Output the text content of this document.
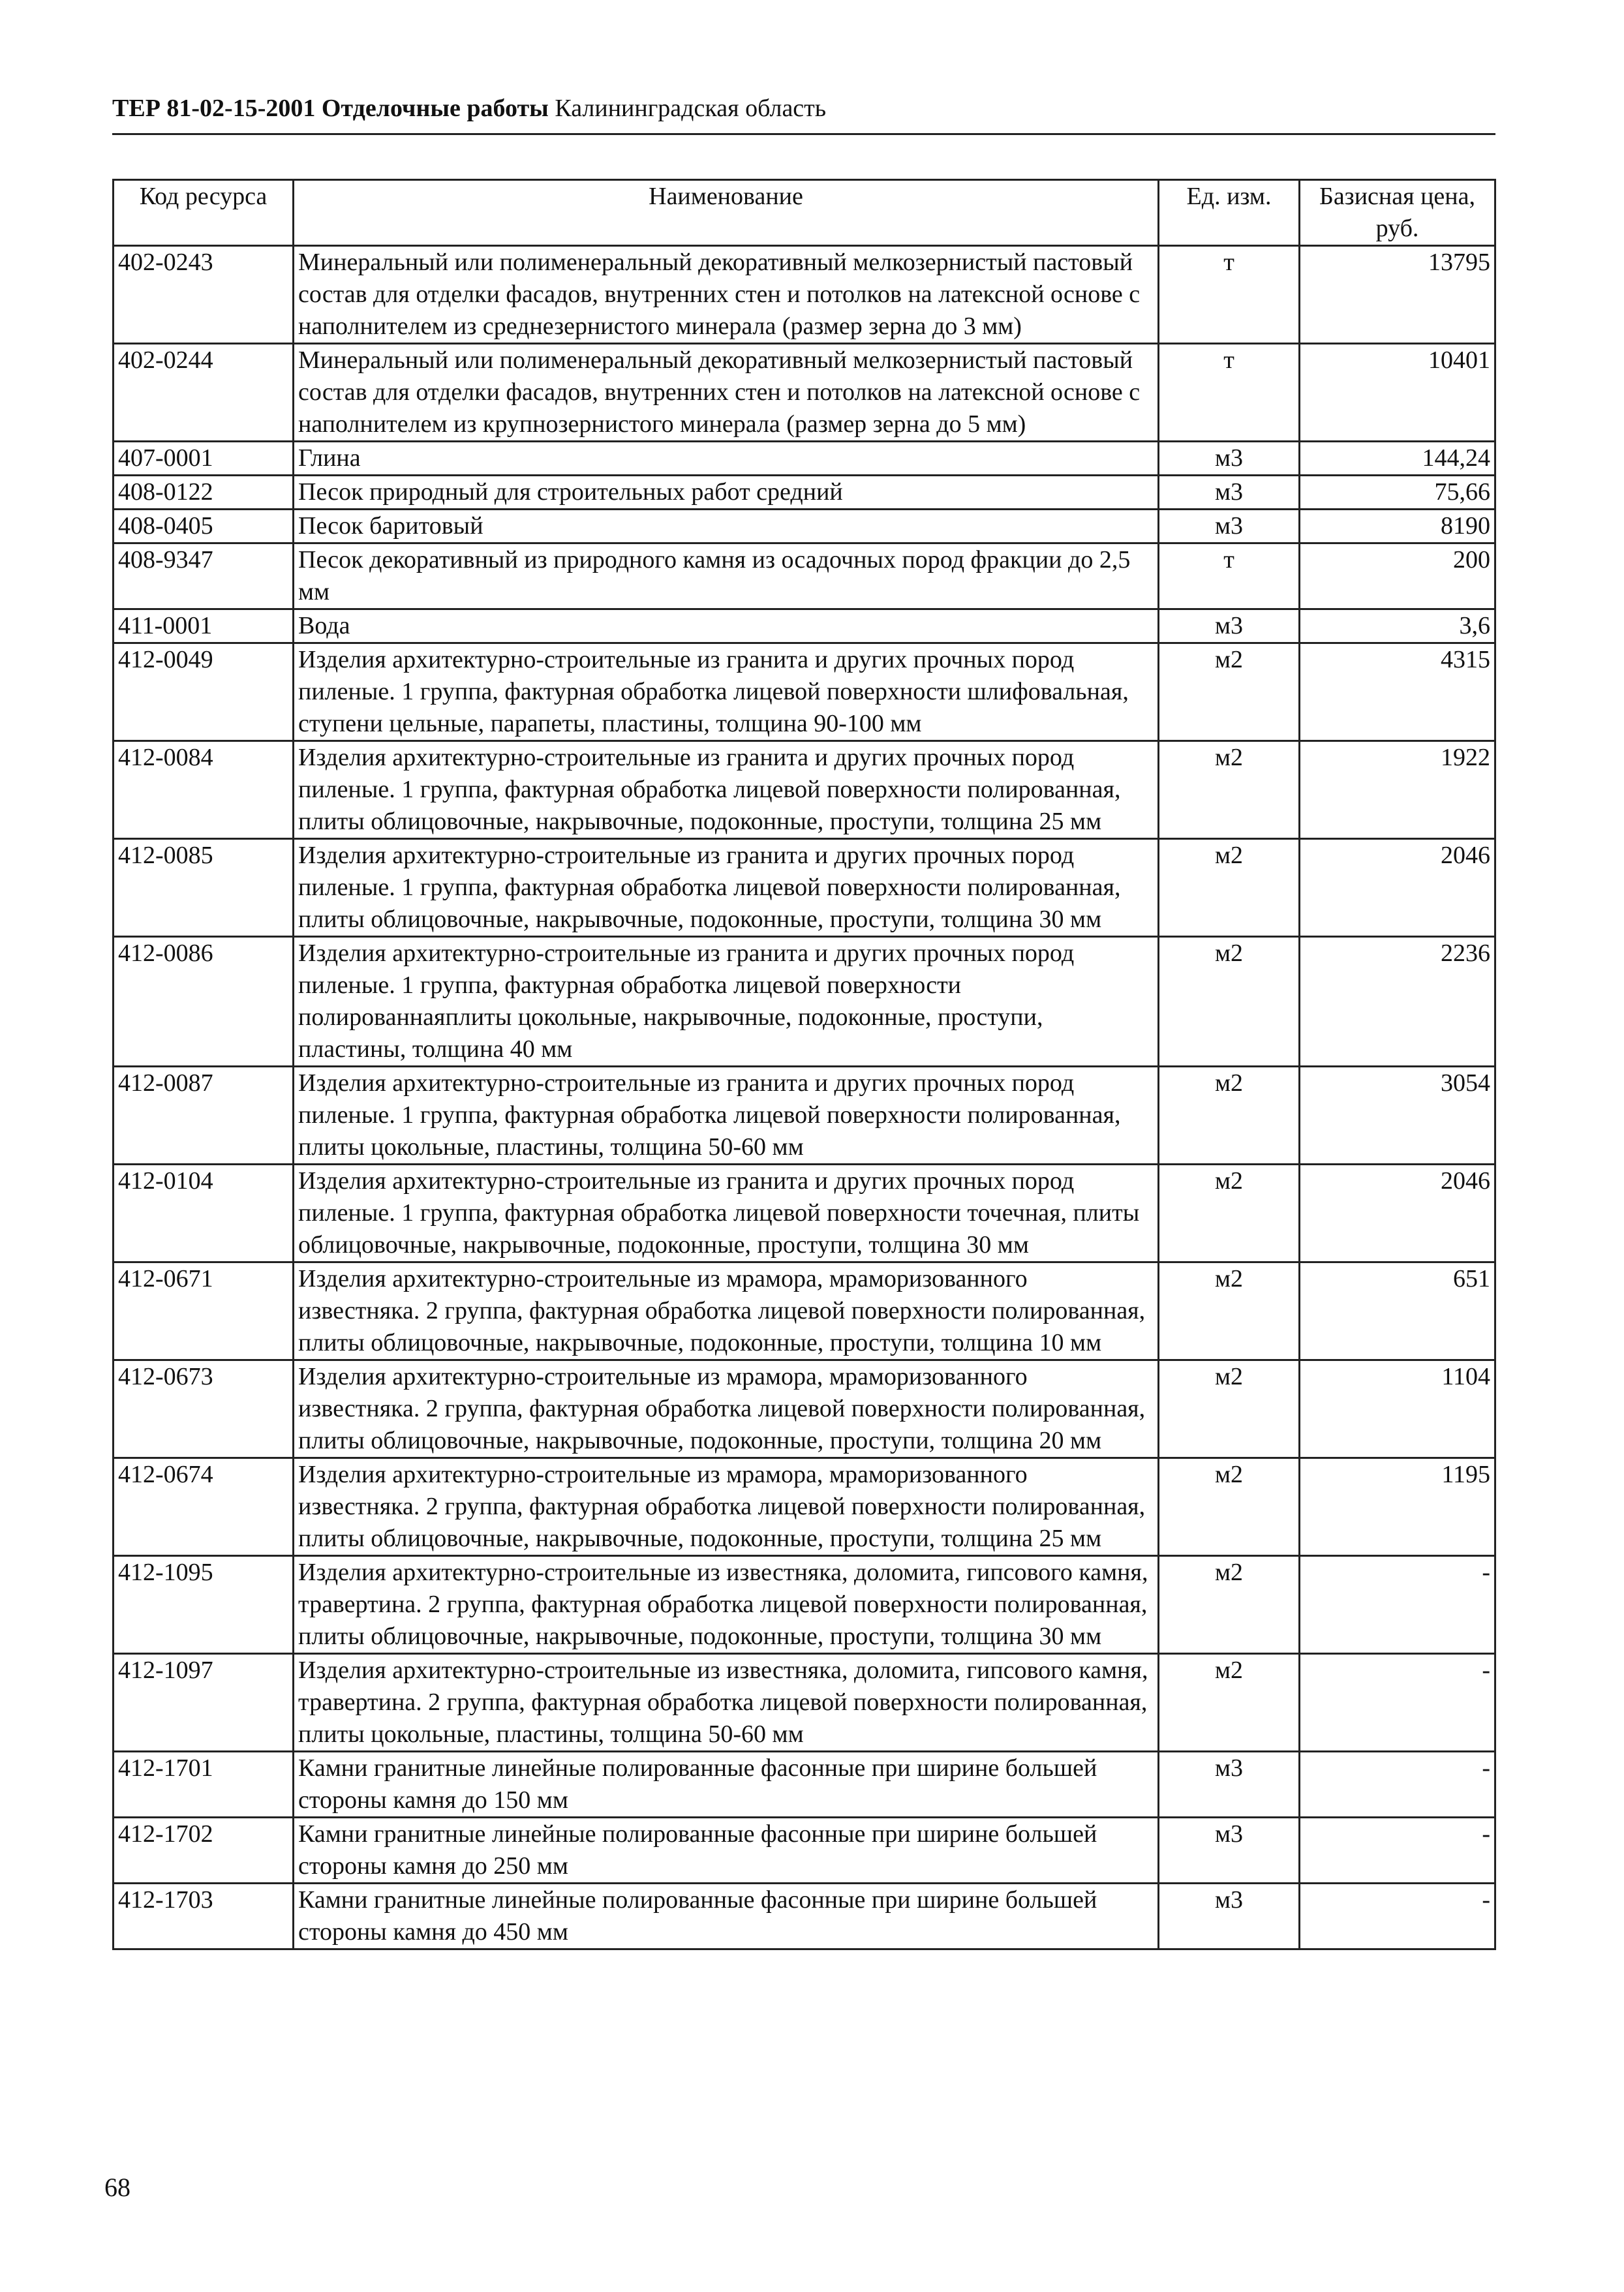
ТЕР 81-02-15-2001 Отделочные работы Калининградская область
Код ресурса	Наименование	Ед. изм.	Базисная цена, руб.
402-0243	Минеральный или полименеральный декоративный мелкозернистый пастовый состав для отделки фасадов, внутренних стен и потолков на латексной основе с наполнителем из среднезернистого минерала (размер зерна до 3 мм)	т	13795
402-0244	Минеральный или полименеральный декоративный мелкозернистый пастовый состав для отделки фасадов, внутренних стен и потолков на латексной основе с наполнителем из крупнозернистого минерала (размер зерна до 5 мм)	т	10401
407-0001	Глина	м3	144,24
408-0122	Песок природный для строительных работ средний	м3	75,66
408-0405	Песок баритовый	м3	8190
408-9347	Песок декоративный из природного камня из осадочных пород фракции до 2,5 мм	т	200
411-0001	Вода	м3	3,6
412-0049	Изделия архитектурно-строительные из гранита и других прочных пород пиленые. 1 группа, фактурная обработка лицевой поверхности шлифовальная, ступени цельные, парапеты, пластины, толщина 90-100 мм	м2	4315
412-0084	Изделия архитектурно-строительные из гранита и других прочных пород пиленые. 1 группа, фактурная обработка лицевой поверхности полированная, плиты облицовочные, накрывочные, подоконные, проступи, толщина 25 мм	м2	1922
412-0085	Изделия архитектурно-строительные из гранита и других прочных пород пиленые. 1 группа, фактурная обработка лицевой поверхности полированная, плиты облицовочные, накрывочные, подоконные, проступи, толщина 30 мм	м2	2046
412-0086	Изделия архитектурно-строительные из гранита и других прочных пород пиленые. 1 группа, фактурная обработка лицевой поверхности полированнаяплиты цокольные, накрывочные, подоконные, проступи, пластины, толщина 40 мм	м2	2236
412-0087	Изделия архитектурно-строительные из гранита и других прочных пород пиленые. 1 группа, фактурная обработка лицевой поверхности полированная, плиты цокольные, пластины, толщина 50-60 мм	м2	3054
412-0104	Изделия архитектурно-строительные из гранита и других прочных пород пиленые. 1 группа, фактурная обработка лицевой поверхности точечная, плиты облицовочные, накрывочные, подоконные, проступи, толщина 30 мм	м2	2046
412-0671	Изделия архитектурно-строительные из мрамора, мраморизованного известняка. 2 группа, фактурная обработка лицевой поверхности полированная, плиты облицовочные, накрывочные, подоконные, проступи, толщина 10 мм	м2	651
412-0673	Изделия архитектурно-строительные из мрамора, мраморизованного известняка. 2 группа, фактурная обработка лицевой поверхности полированная, плиты облицовочные, накрывочные, подоконные, проступи, толщина 20 мм	м2	1104
412-0674	Изделия архитектурно-строительные из мрамора, мраморизованного известняка. 2 группа, фактурная обработка лицевой поверхности полированная, плиты облицовочные, накрывочные, подоконные, проступи, толщина 25 мм	м2	1195
412-1095	Изделия архитектурно-строительные из известняка, доломита, гипсового камня, травертина. 2 группа, фактурная обработка лицевой поверхности полированная, плиты облицовочные, накрывочные, подоконные, проступи, толщина 30 мм	м2	-
412-1097	Изделия архитектурно-строительные из известняка, доломита, гипсового камня, травертина. 2 группа, фактурная обработка лицевой поверхности полированная, плиты цокольные, пластины, толщина 50-60 мм	м2	-
412-1701	Камни гранитные линейные полированные фасонные при ширине большей стороны камня до 150 мм	м3	-
412-1702	Камни гранитные линейные полированные фасонные при ширине большей стороны камня до 250 мм	м3	-
412-1703	Камни гранитные линейные полированные фасонные при ширине большей стороны камня до 450 мм	м3	-
68
